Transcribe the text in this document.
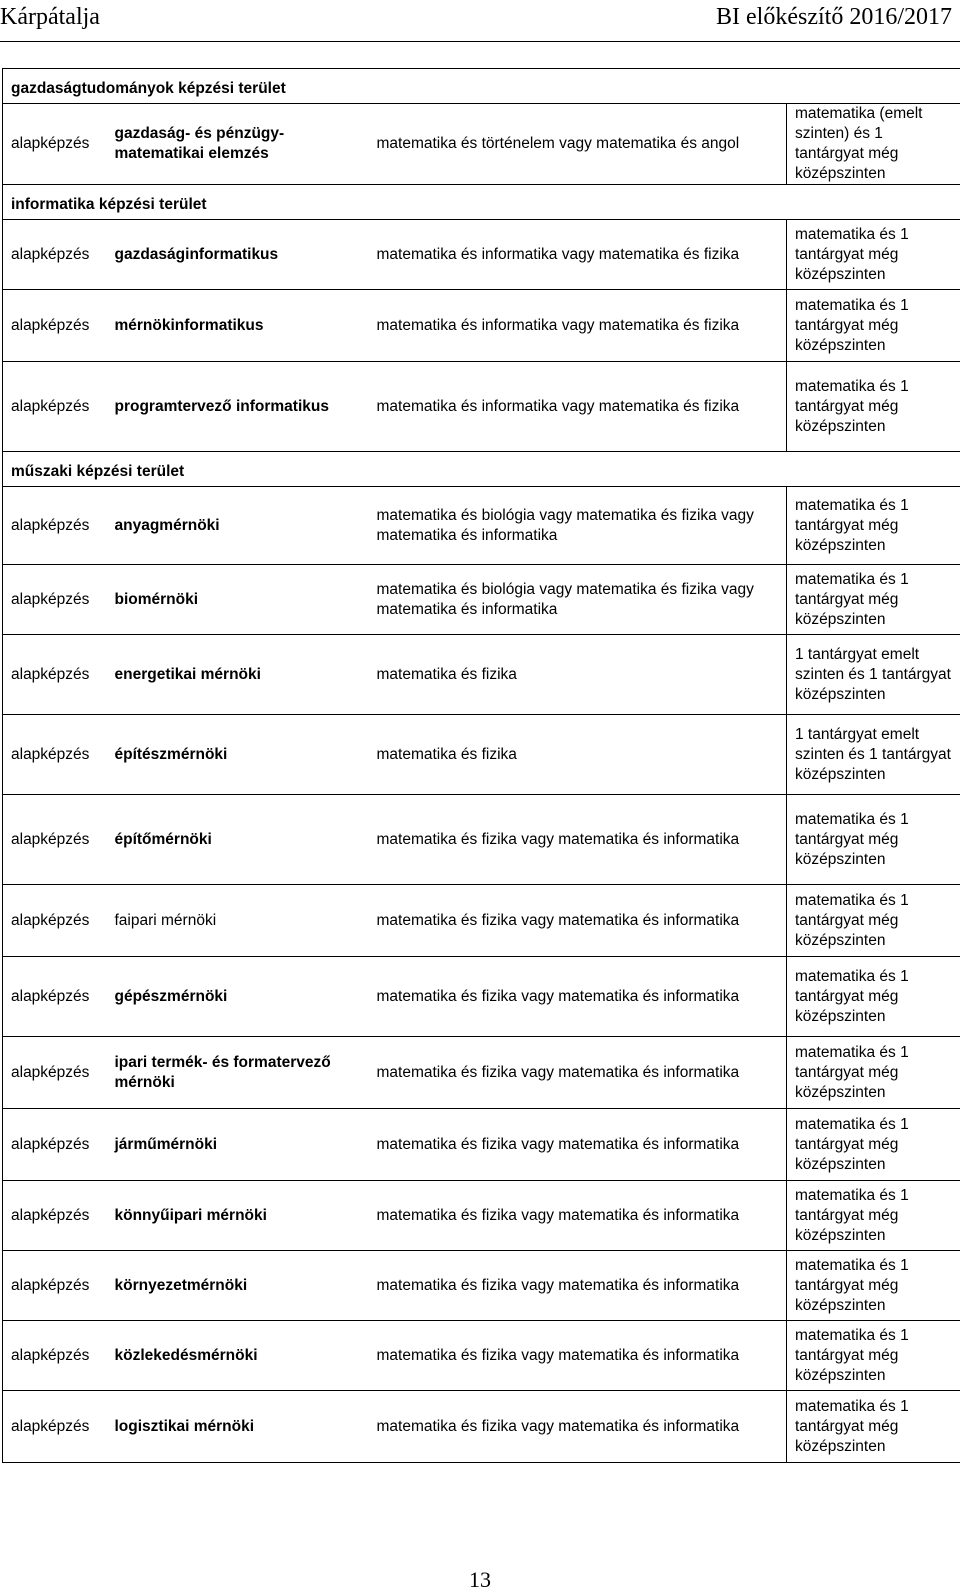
Kárpátalja	BI előkészítő 2016/2017
gazdaságtudományok képzési terület			
alapképzés	gazdaság- és pénzügy-matematikai elemzés	matematika és történelem vagy matematika és angol	matematika (emelt szinten) és 1 tantárgyat még középszinten
informatika képzési terület			
alapképzés	gazdaságinformatikus	matematika és informatika vagy matematika és fizika	matematika és 1 tantárgyat még középszinten
alapképzés	mérnökinformatikus	matematika és informatika vagy matematika és fizika	matematika és 1 tantárgyat még középszinten
alapképzés	programtervező informatikus	matematika és informatika vagy matematika és fizika	matematika és 1 tantárgyat még középszinten
műszaki képzési terület			
alapképzés	anyagmérnöki	matematika és biológia vagy matematika és fizika vagy matematika és informatika	matematika és 1 tantárgyat még középszinten
alapképzés	biomérnöki	matematika és biológia vagy matematika és fizika vagy matematika és informatika	matematika és 1 tantárgyat még középszinten
alapképzés	energetikai mérnöki	matematika és fizika	1 tantárgyat emelt szinten és 1 tantárgyat középszinten
alapképzés	építészmérnöki	matematika és fizika	1 tantárgyat emelt szinten és 1 tantárgyat középszinten
alapképzés	építőmérnöki	matematika és fizika vagy matematika és informatika	matematika és 1 tantárgyat még középszinten
alapképzés	faipari mérnöki	matematika és fizika vagy matematika és informatika	matematika és 1 tantárgyat még középszinten
alapképzés	gépészmérnöki	matematika és fizika vagy matematika és informatika	matematika és 1 tantárgyat még középszinten
alapképzés	ipari termék- és formatervező mérnöki	matematika és fizika vagy matematika és informatika	matematika és 1 tantárgyat még középszinten
alapképzés	járműmérnöki	matematika és fizika vagy matematika és informatika	matematika és 1 tantárgyat még középszinten
alapképzés	könnyűipari mérnöki	matematika és fizika vagy matematika és informatika	matematika és 1 tantárgyat még középszinten
alapképzés	környezetmérnöki	matematika és fizika vagy matematika és informatika	matematika és 1 tantárgyat még középszinten
alapképzés	közlekedésmérnöki	matematika és fizika vagy matematika és informatika	matematika és 1 tantárgyat még középszinten
alapképzés	logisztikai mérnöki	matematika és fizika vagy matematika és informatika	matematika és 1 tantárgyat még középszinten
13
